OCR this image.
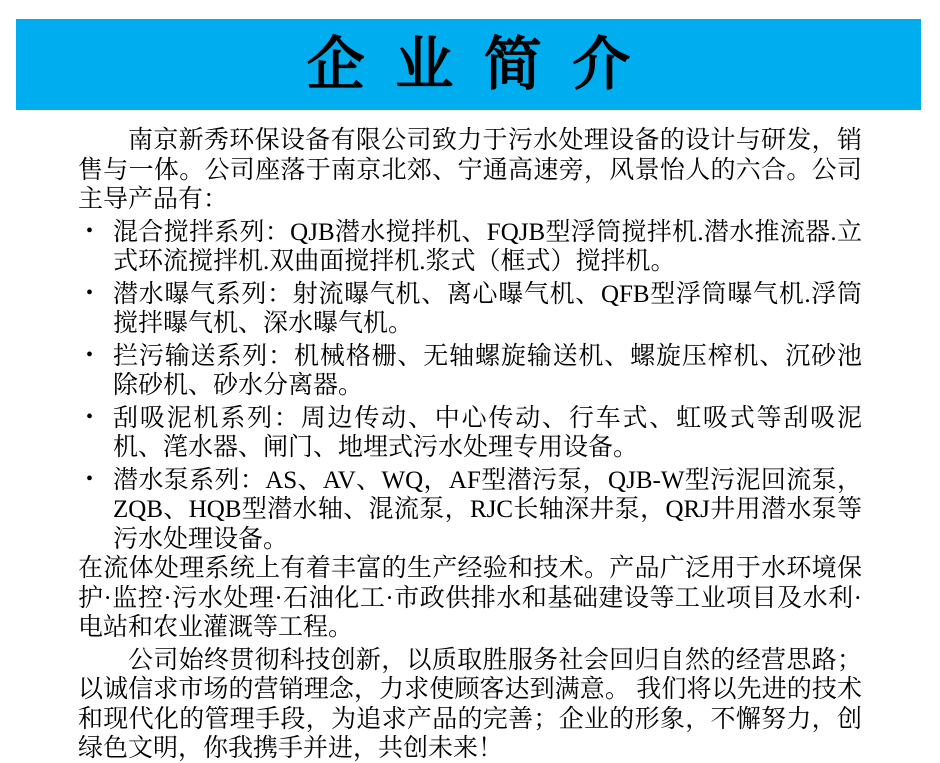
企 业 简 介

南京新秀环保设备有限公司致力于污水处理设备的设计与研发，销售与一体。公司座落于南京北郊、宁通高速旁，风景怡人的六合。公司主导产品有：

• 混合搅拌系列：QJB潜水搅拌机、FQJB型浮筒搅拌机.潜水推流器.立式环流搅拌机.双曲面搅拌机.浆式（框式）搅拌机。
• 潜水曝气系列：射流曝气机、离心曝气机、QFB型浮筒曝气机.浮筒搅拌曝气机、深水曝气机。
• 拦污输送系列：机械格栅、无轴螺旋输送机、螺旋压榨机、沉砂池除砂机、砂水分离器。
• 刮吸泥机系列：周边传动、中心传动、行车式、虹吸式等刮吸泥机、滗水器、闸门、地埋式污水处理专用设备。
• 潜水泵系列：AS、AV、WQ，AF型潜污泵，QJB-W型污泥回流泵，ZQB、HQB型潜水轴、混流泵，RJC长轴深井泵，QRJ井用潜水泵等污水处理设备。

在流体处理系统上有着丰富的生产经验和技术。产品广泛用于水环境保护·监控·污水处理·石油化工·市政供排水和基础建设等工业项目及水利·电站和农业灌溉等工程。

公司始终贯彻科技创新，以质取胜服务社会回归自然的经营思路；以诚信求市场的营销理念，力求使顾客达到满意。 我们将以先进的技术和现代化的管理手段，为追求产品的完善；企业的形象，不懈努力，创绿色文明，你我携手并进，共创未来！
